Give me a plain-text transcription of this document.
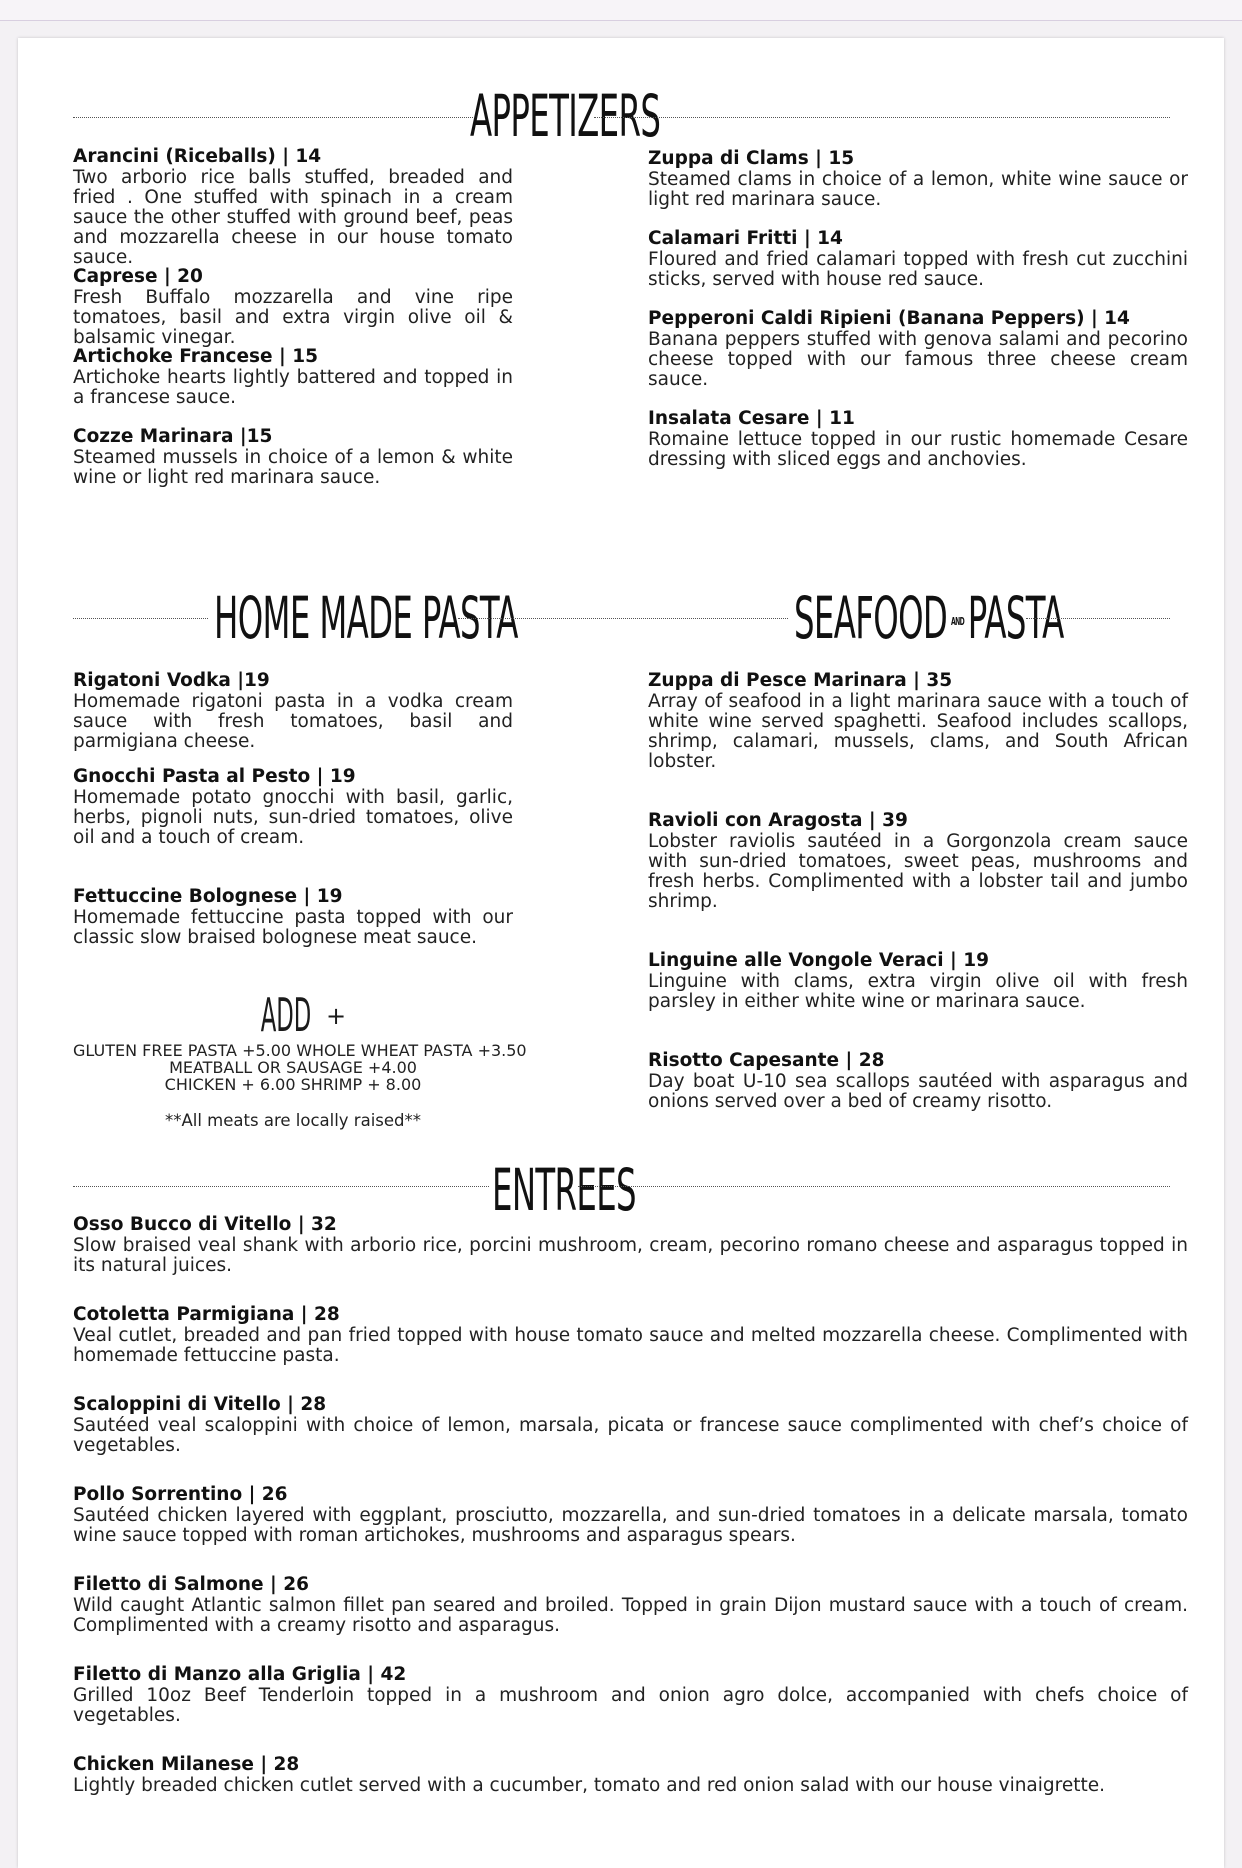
APPETIZERS
Arancini (Riceballs) | 14
Two arborio rice balls stuffed, breaded and fried . One stuffed with spinach in a cream sauce the other stuffed with ground beef, peas and mozzarella cheese in our house tomato sauce.
Caprese | 20
Fresh Buffalo mozzarella and vine ripe tomatoes, basil and extra virgin olive oil & balsamic vinegar.
Artichoke Francese | 15
Artichoke hearts lightly battered and topped in a francese sauce.
Cozze Marinara |15
Steamed mussels in choice of a lemon & white wine or light red marinara sauce.
Zuppa di Clams | 15
Steamed clams in choice of a lemon, white wine sauce or light red marinara sauce.
Calamari Fritti | 14
Floured and fried calamari topped with fresh cut zucchini sticks, served with house red sauce.
Pepperoni Caldi Ripieni (Banana Peppers) | 14
Banana peppers stuffed with genova salami and pecorino cheese topped with our famous three cheese cream sauce.
Insalata Cesare | 11
Romaine lettuce topped in our rustic homemade Cesare dressing with sliced eggs and anchovies.
HOME MADE PASTA	SEAFOOD ANDPASTA
Rigatoni Vodka |19
Homemade rigatoni pasta in a vodka cream sauce with fresh tomatoes, basil and parmigiana cheese.
Gnocchi Pasta al Pesto | 19
Homemade potato gnocchi with basil, garlic, herbs, pignoli nuts, sun-dried tomatoes, olive oil and a touch of cream.
Fettuccine Bolognese | 19
Homemade fettuccine pasta topped with our classic slow braised bolognese meat sauce.
ADD +
GLUTEN FREE PASTA +5.00 WHOLE WHEAT PASTA +3.50
MEATBALL OR SAUSAGE +4.00
CHICKEN + 6.00 SHRIMP + 8.00
**All meats are locally raised**
Zuppa di Pesce Marinara | 35
Array of seafood in a light marinara sauce with a touch of white wine served spaghetti. Seafood includes scallops, shrimp, calamari, mussels, clams, and South African lobster.
Ravioli con Aragosta | 39
Lobster raviolis sautéed in a Gorgonzola cream sauce with sun-dried tomatoes, sweet peas, mushrooms and fresh herbs. Complimented with a lobster tail and jumbo shrimp.
Linguine alle Vongole Veraci | 19
Linguine with clams, extra virgin olive oil with fresh parsley in either white wine or marinara sauce.
Risotto Capesante | 28
Day boat U-10 sea scallops sautéed with asparagus and onions served over a bed of creamy risotto.
ENTREES
Osso Bucco di Vitello | 32
Slow braised veal shank with arborio rice, porcini mushroom, cream, pecorino romano cheese and asparagus topped in its natural juices.
Cotoletta Parmigiana | 28
Veal cutlet, breaded and pan fried topped with house tomato sauce and melted mozzarella cheese. Complimented with homemade fettuccine pasta.
Scaloppini di Vitello | 28
Sautéed veal scaloppini with choice of lemon, marsala, picata or francese sauce complimented with chef’s choice of vegetables.
Pollo Sorrentino | 26
Sautéed chicken layered with eggplant, prosciutto, mozzarella, and sun-dried tomatoes in a delicate marsala, tomato wine sauce topped with roman artichokes, mushrooms and asparagus spears.
Filetto di Salmone | 26
Wild caught Atlantic salmon fillet pan seared and broiled. Topped in grain Dijon mustard sauce with a touch of cream. Complimented with a creamy risotto and asparagus.
Filetto di Manzo alla Griglia | 42
Grilled 10oz Beef Tenderloin topped in a mushroom and onion agro dolce, accompanied with chefs choice of vegetables.
Chicken Milanese | 28
Lightly breaded chicken cutlet served with a cucumber, tomato and red onion salad with our house vinaigrette.
